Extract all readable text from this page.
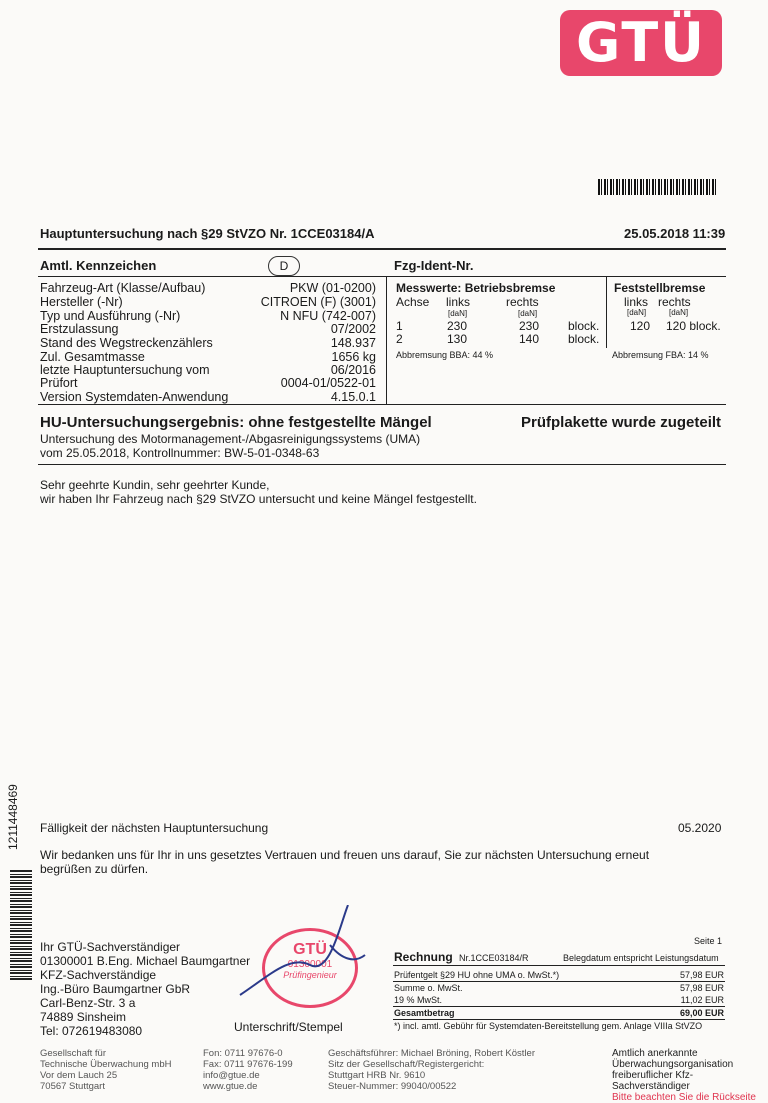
GTÜ
Hauptuntersuchung nach §29 StVZO Nr. 1CCE03184/A	25.05.2018 11:39
Amtl. Kennzeichen	D	Fzg-Ident-Nr.
Fahrzeug-Art (Klasse/Aufbau)	PKW (01-0200)
Hersteller (-Nr)	CITROEN (F) (3001)
Typ und Ausführung (-Nr)	N NFU (742-007)
Erstzulassung	07/2002
Stand des Wegstreckenzählers	148.937
Zul. Gesamtmasse	1656 kg
letzte Hauptuntersuchung vom	06/2016
Prüfort	0004-01/0522-01
Version Systemdaten-Anwendung	4.15.0.1
Messwerte: Betriebsbremse
Achse links	rechts
[daN]	[daN]
1	230	230 block.
2	130	140 block.
Abbremsung BBA: 44 %
Feststellbremse
links rechts
[daN]	[daN]
120 120 block.
Abbremsung FBA: 14 %
HU-Untersuchungsergebnis: ohne festgestellte Mängel	Prüfplakette wurde zugeteilt
Untersuchung des Motormanagement-/Abgasreinigungssystems (UMA)
vom 25.05.2018, Kontrollnummer: BW-5-01-0348-63
Sehr geehrte Kundin, sehr geehrter Kunde,
wir haben Ihr Fahrzeug nach §29 StVZO untersucht und keine Mängel festgestellt.
1211448469 Fälligkeit der nächsten Hauptuntersuchung	05.2020
Wir bedanken uns für Ihr in uns gesetztes Vertrauen und freuen uns darauf, Sie zur nächsten Untersuchung erneut
begrüßen zu dürfen.
Ihr GTÜ-Sachverständiger
01300001 B.Eng. Michael Baumgartner
KFZ-Sachverständige
Ing.-Büro Baumgartner GbR
Carl-Benz-Str. 3 a
74889 Sinsheim
Tel: 072619483080
GTÜ
01300001
Prüfingenieur
Unterschrift/Stempel
Seite 1
Rechnung Nr.1CCE03184/R	Belegdatum entspricht Leistungsdatum
Prüfentgelt §29 HU ohne UMA o. MwSt.*)	57,98 EUR
Summe o. MwSt.	57,98 EUR
19 % MwSt.	11,02 EUR
Gesamtbetrag	69,00 EUR
*) incl. amtl. Gebühr für Systemdaten-Bereitstellung gem. Anlage VIIIa StVZO
Gesellschaft für
Technische Überwachung mbH
Vor dem Lauch 25
70567 Stuttgart
Fon: 0711 97676-0
Fax: 0711 97676-199
info@gtue.de
www.gtue.de
Geschäftsführer: Michael Bröning, Robert Köstler
Sitz der Gesellschaft/Registergericht:
Stuttgart HRB Nr. 9610
Steuer-Nummer: 99040/00522
Amtlich anerkannte
Überwachungsorganisation
freiberuflicher Kfz-Sachverständiger
Bitte beachten Sie die Rückseite
